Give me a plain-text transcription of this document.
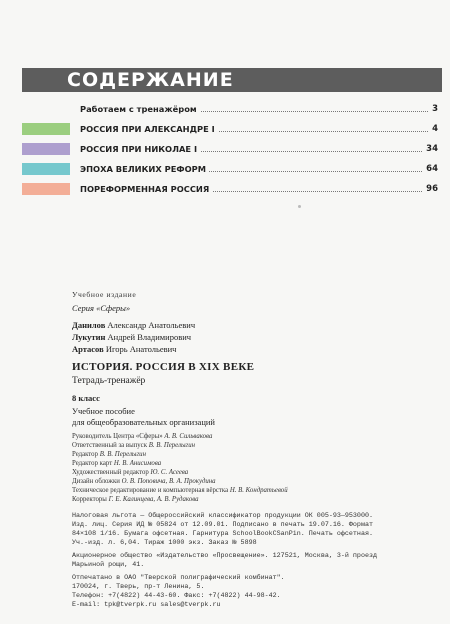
СОДЕРЖАНИЕ
Работаем с тренажёром	3
РОССИЯ ПРИ АЛЕКСАНДРЕ I	4
РОССИЯ ПРИ НИКОЛАЕ I	34
ЭПОХА ВЕЛИКИХ РЕФОРМ	64
ПОРЕФОРМЕННАЯ РОССИЯ	96
Учебное издание
Серия «Сферы»
Данилов Александр Анатольевич
Лукутин Андрей Владимирович
Артасов Игорь Анатольевич
ИСТОРИЯ. РОССИЯ В XIX ВЕКЕ
Тетрадь-тренажёр
8 класс
Учебное пособие
для общеобразовательных организаций
Руководитель Центра «Сферы» А. В. Сильвакова
Ответственный за выпуск В. В. Перелыгин
Редактор В. В. Перелыгин
Редактор карт Н. В. Анисимова
Художественный редактор Ю. С. Асеева
Дизайн обложки О. В. Поповича, В. А. Прокудина
Техническое редактирование и компьютерная вёрстка Н. В. Кондратьевой
Корректоры Г. Е. Калинцева, А. В. Рудакова
Налоговая льгота — Общероссийский классификатор продукции ОК 005-93—953000.
Изд. лиц. Серия ИД № 05824 от 12.09.01. Подписано в печать 19.07.16. Формат
84×108 1/16. Бумага офсетная. Гарнитура SchoolBookCSanPin. Печать офсетная.
Уч.-изд. л. 6,04. Тираж 1000 экз. Заказ № 5898
Акционерное общество «Издательство «Просвещение». 127521, Москва, 3-й проезд
Марьиной рощи, 41.
Отпечатано в ОАО "Тверской полиграфический комбинат".
170024, г. Тверь, пр-т Ленина, 5.
Телефон: +7(4822) 44-43-60. Факс: +7(4822) 44-98-42.
E-mail: tpk@tverpk.ru sales@tverpk.ru
